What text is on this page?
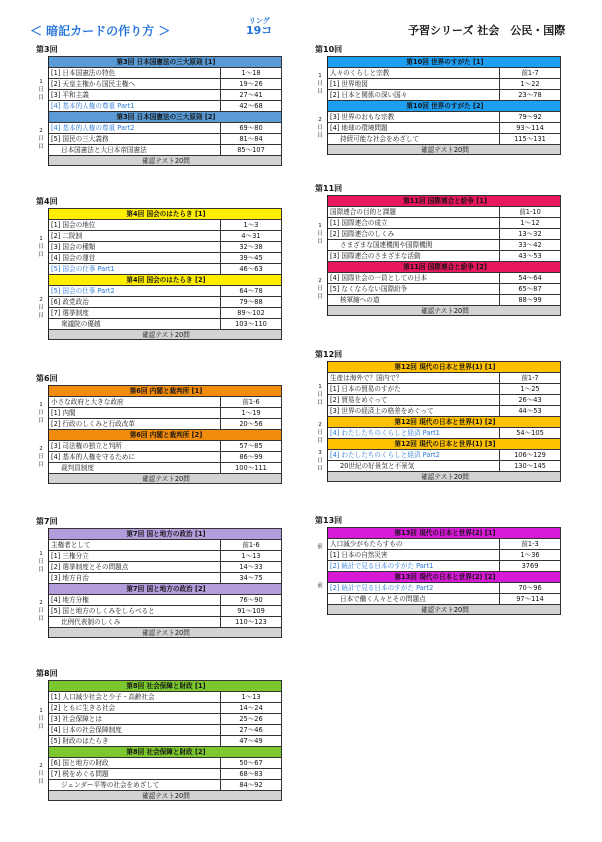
＜ 暗記カードの作り方 ＞
リング
19コ	予習シリーズ 社会　公民・国際
第3回
1
日
目
2
日
目
第3回 日本国憲法の三大原則 [1]
[1] 日本国憲法の特色	1〜18
[2] 天皇主権から国民主権へ	19〜26
[3] 平和主義	27〜41
[4] 基本的人権の尊重 Part1	42〜68
第3回 日本国憲法の三大原則 [2]
[4] 基本的人権の尊重 Part2	69〜80
[5] 国民の三大義務	81〜84
日本国憲法と大日本帝国憲法	85〜107
確認テスト20問
第4回
1
日
目
2
日
目
第4回 国会のはたらき [1]
[1] 国会の地位	1〜3
[2] 二院制	4〜31
[3] 国会の種類	32〜38
[4] 国会の運営	39〜45
[5] 国会の仕事 Part1	46〜63
第4回 国会のはたらき [2]
[5] 国会の仕事 Part2	64〜78
[6] 政党政治	79〜88
[7] 選挙制度	89〜102
衆議院の優越	103〜110
確認テスト20問
第6回
1
日
目
2
日
目
第6回 内閣と裁判所 [1]
小さな政府と大きな政府	前1-6
[1] 内閣	1〜19
[2] 行政のしくみと行政改革	20〜56
第6回 内閣と裁判所 [2]
[3] 司法権の独立と判所	57〜85
[4] 基本的人権を守るために	86〜99
裁判員制度	100〜111
確認テスト20問
第7回
1
日
目
2
日
目
第7回 国と地方の政治 [1]
主権者として	前1-6
[1] 三権分立	1〜13
[2] 選挙制度とその問題点	14〜33
[3] 地方自治	34〜75
第7回 国と地方の政治 [2]
[4] 地方分権	76〜90
[5] 国と地方のしくみをしらべると	91〜109
比例代表制のしくみ	110〜123
確認テスト20問
第8回
1
日
目
2
日
目
第8回 社会保障と財政 [1]
[1] 人口減少社会と少子・高齢社会	1〜13
[2] ともに生きる社会	14〜24
[3] 社会保障とは	25〜26
[4] 日本の社会保障制度	27〜46
[5] 財政のはたらき	47〜49
第8回 社会保障と財政 [2]
[6] 国と地方の財政	50〜67
[7] 税をめぐる問題	68〜83
ジェンダー平等の社会をめざして	84〜92
確認テスト20問
第10回
1
日
目
2
日
目
第10回 世界のすがた [1]
人々のくらしと宗教	前1-7
[1] 世界地図	1〜22
[2] 日本と関係の深い国々	23〜78
第10回 世界のすがた [2]
[3] 世界のおもな宗教	79〜92
[4] 地球の環境問題	93〜114
持続可能な社会をめざして	115〜131
確認テスト20問
第11回
1
日
目
2
日
目
第11回 国際連合と紛争 [1]
国際連合の目的と課題	前1-10
[1] 国際連合の成立	1〜12
[2] 国際連合のしくみ	13〜32
さまざまな国連機関や国際機関	33〜42
[3] 国際連合のさまざまな活動	43〜53
第11回 国際連合と紛争 [2]
[4] 国際社会の一員としての日本	54〜64
[5] なくならない国際紛争	65〜87
核軍縮への道	88〜99
確認テスト20問
第12回
1
日
目
2
日
目
3
日
目
第12回 現代の日本と世界(1) [1]
生産は海外で？国内で？	前1-7
[1] 日本の貿易のすがた	1〜25
[2] 貿易をめぐって	26〜43
[3] 世界の経済上の格差をめぐって	44〜53
第12回 現代の日本と世界(1) [2]
[4] わたしたちのくらしと経済 Part1	54〜105
第12回 現代の日本と世界(1) [3]
[4] わたしたちのくらしと経済 Part2	106〜129
20世紀の好景気と不景気	130〜145
確認テスト20問
第13回
前
前
第13回 現代の日本と世界(2) [1]
人口減少がもたらすもの	前1-3
[1] 日本の自然災害	1〜36
[2] 統計で見る日本のすがた Part1	3769
第13回 現代の日本と世界(2) [2]
[2] 統計で見る日本のすがた Part2	70〜96
日本で働く人々とその問題点	97〜114
確認テスト20問
